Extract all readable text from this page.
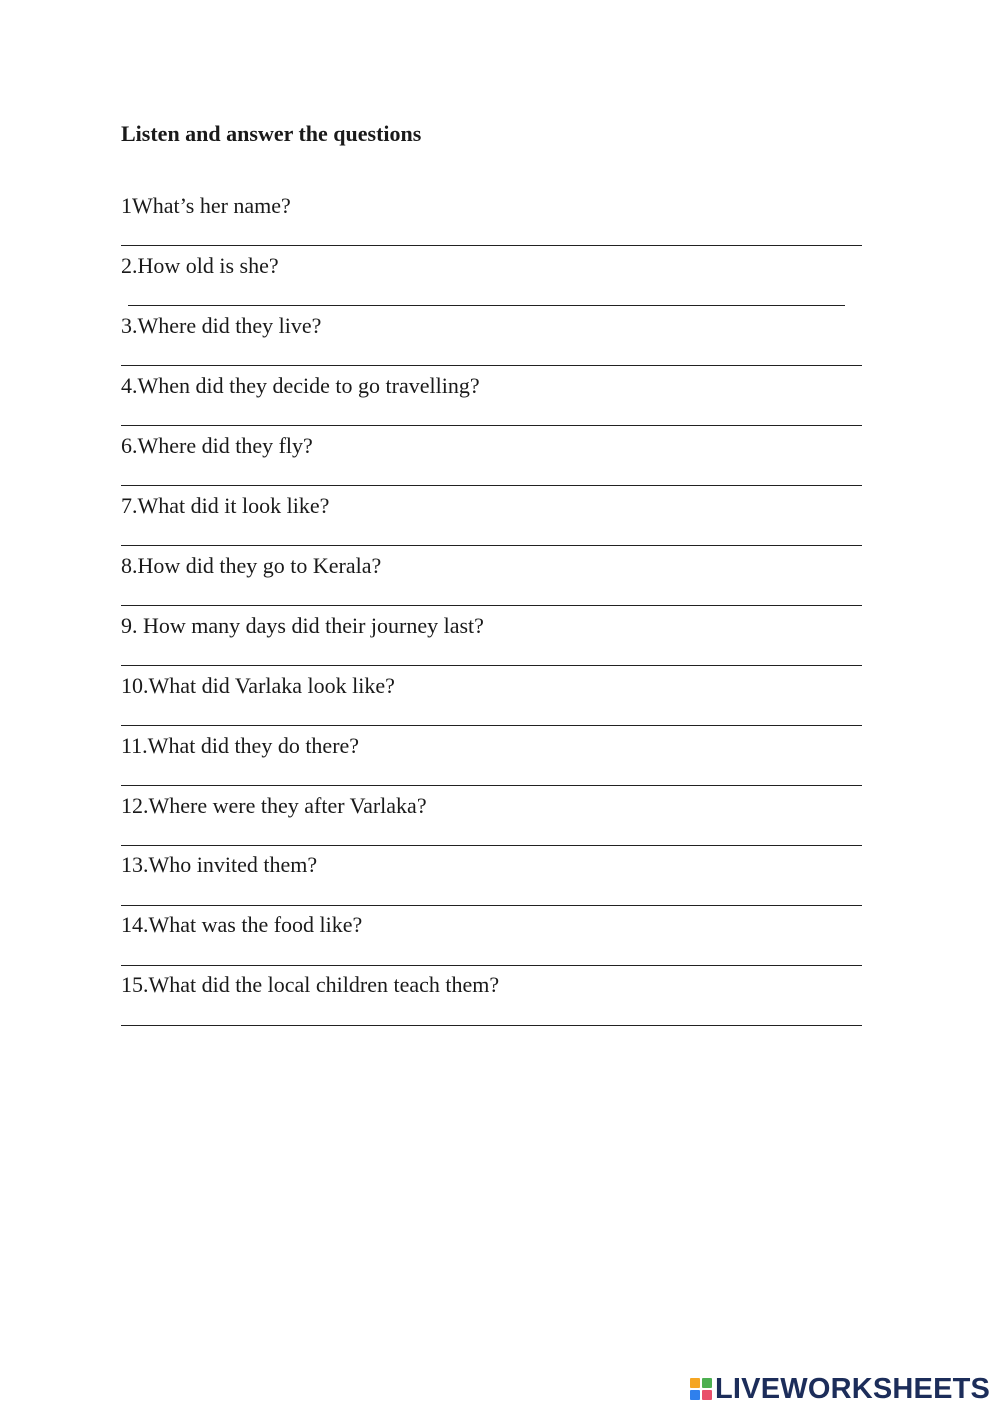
Listen and answer the questions
1What’s her name?
2.How old is she?
3.Where did they live?
4.When did they decide to go travelling?
6.Where did they fly?
7.What did it look like?
8.How did they go to Kerala?
9. How many days did their journey last?
10.What did Varlaka look like?
11.What did they do there?
12.Where were they after Varlaka?
13.Who invited them?
14.What was the food like?
15.What did the local children teach them?
LIVEWORKSHEETS
